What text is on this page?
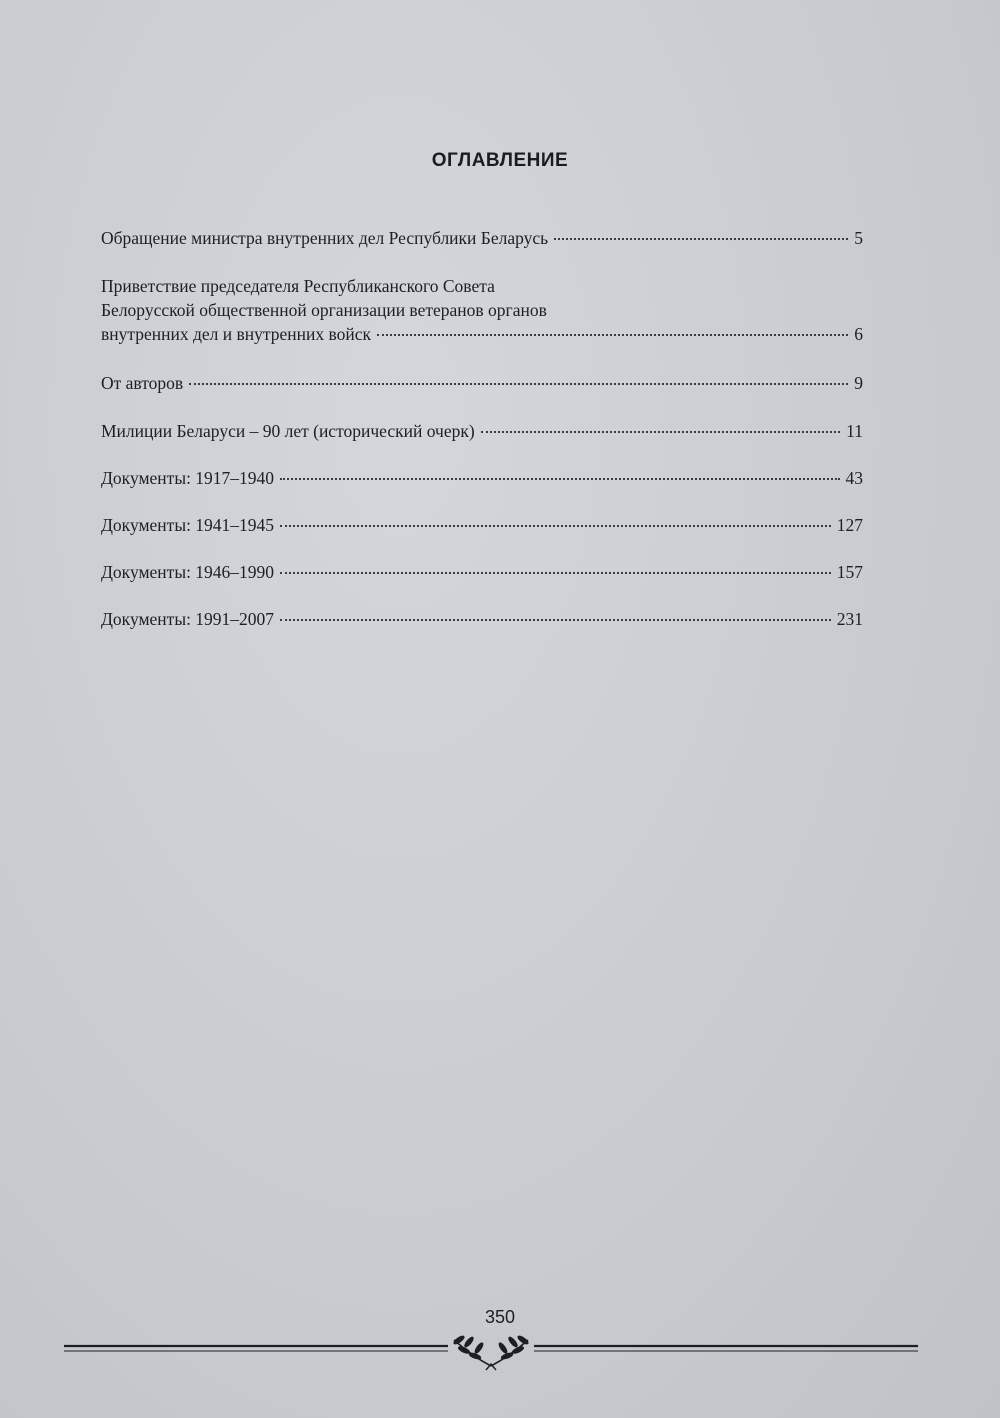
ОГЛАВЛЕНИЕ
Обращение министра внутренних дел Республики Беларусь	5
Приветствие председателя Республиканского Совета
Белорусской общественной организации ветеранов органов
внутренних дел и внутренних войск	6
От авторов	9
Милиции Беларуси – 90 лет (исторический очерк)	11
Документы: 1917–1940	43
Документы: 1941–1945	127
Документы: 1946–1990	157
Документы: 1991–2007	231
350
